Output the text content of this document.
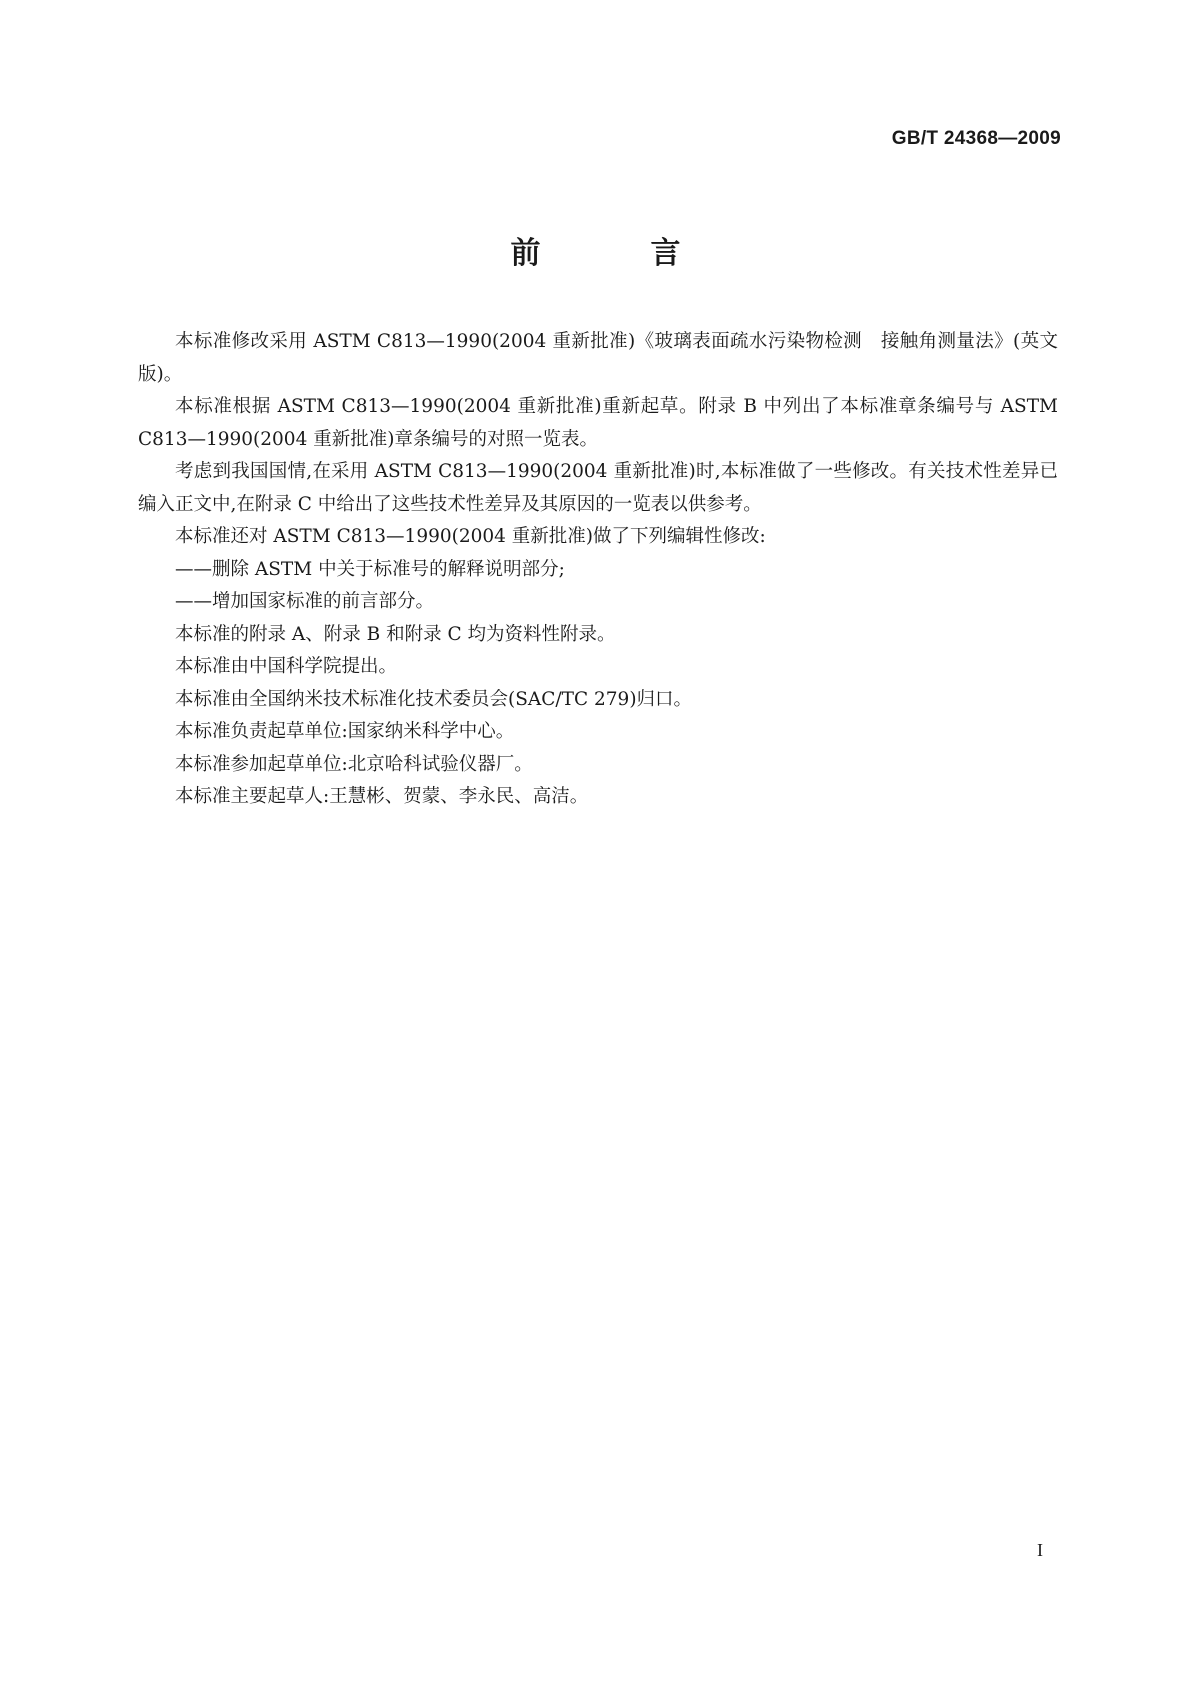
GB/T 24368—2009
前　言

本标准修改采用 ASTM C813—1990(2004 重新批准)《玻璃表面疏水污染物检测　接触角测量法》(英文版)。

本标准根据 ASTM C813—1990(2004 重新批准)重新起草。附录 B 中列出了本标准章条编号与 ASTM C813—1990(2004 重新批准)章条编号的对照一览表。

考虑到我国国情,在采用 ASTM C813—1990(2004 重新批准)时,本标准做了一些修改。有关技术性差异已编入正文中,在附录 C 中给出了这些技术性差异及其原因的一览表以供参考。

本标准还对 ASTM C813—1990(2004 重新批准)做了下列编辑性修改:

——删除 ASTM 中关于标准号的解释说明部分;

——增加国家标准的前言部分。

本标准的附录 A、附录 B 和附录 C 均为资料性附录。

本标准由中国科学院提出。

本标准由全国纳米技术标准化技术委员会(SAC/TC 279)归口。

本标准负责起草单位:国家纳米科学中心。

本标准参加起草单位:北京哈科试验仪器厂。

本标准主要起草人:王慧彬、贺蒙、李永民、高洁。

I
